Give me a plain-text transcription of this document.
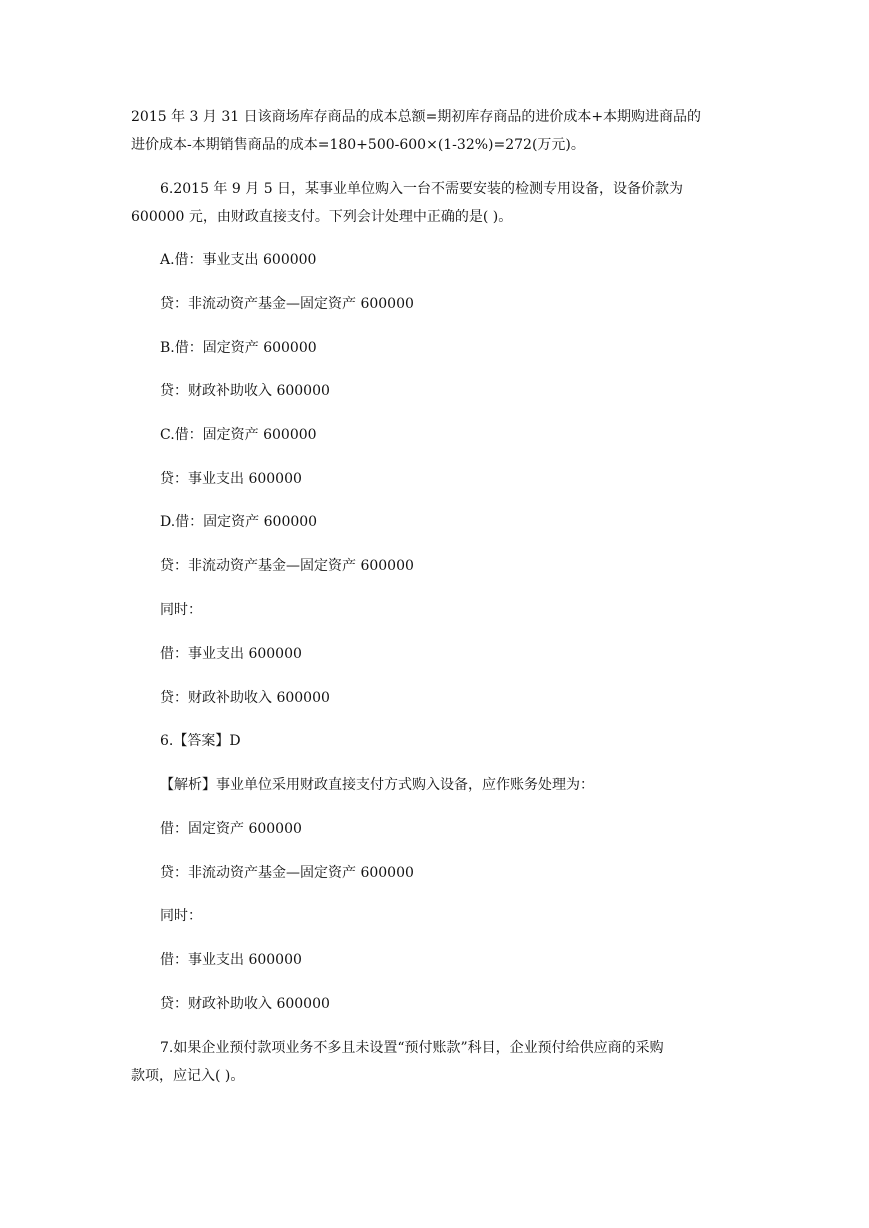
2015 年 3 月 31 日该商场库存商品的成本总额=期初库存商品的进价成本+本期购进商品的
进价成本-本期销售商品的成本=180+500-600×(1-32%)=272(万元)。
6.2015 年 9 月 5 日，某事业单位购入一台不需要安装的检测专用设备，设备价款为
600000 元，由财政直接支付。下列会计处理中正确的是( )。
A.借：事业支出 600000
贷：非流动资产基金—固定资产 600000
B.借：固定资产 600000
贷：财政补助收入 600000
C.借：固定资产 600000
贷：事业支出 600000
D.借：固定资产 600000
贷：非流动资产基金—固定资产 600000
同时：
借：事业支出 600000
贷：财政补助收入 600000
6.【答案】D
【解析】事业单位采用财政直接支付方式购入设备，应作账务处理为：
借：固定资产 600000
贷：非流动资产基金—固定资产 600000
同时：
借：事业支出 600000
贷：财政补助收入 600000
7.如果企业预付款项业务不多且未设置“预付账款”科目，企业预付给供应商的采购
款项，应记入( )。
